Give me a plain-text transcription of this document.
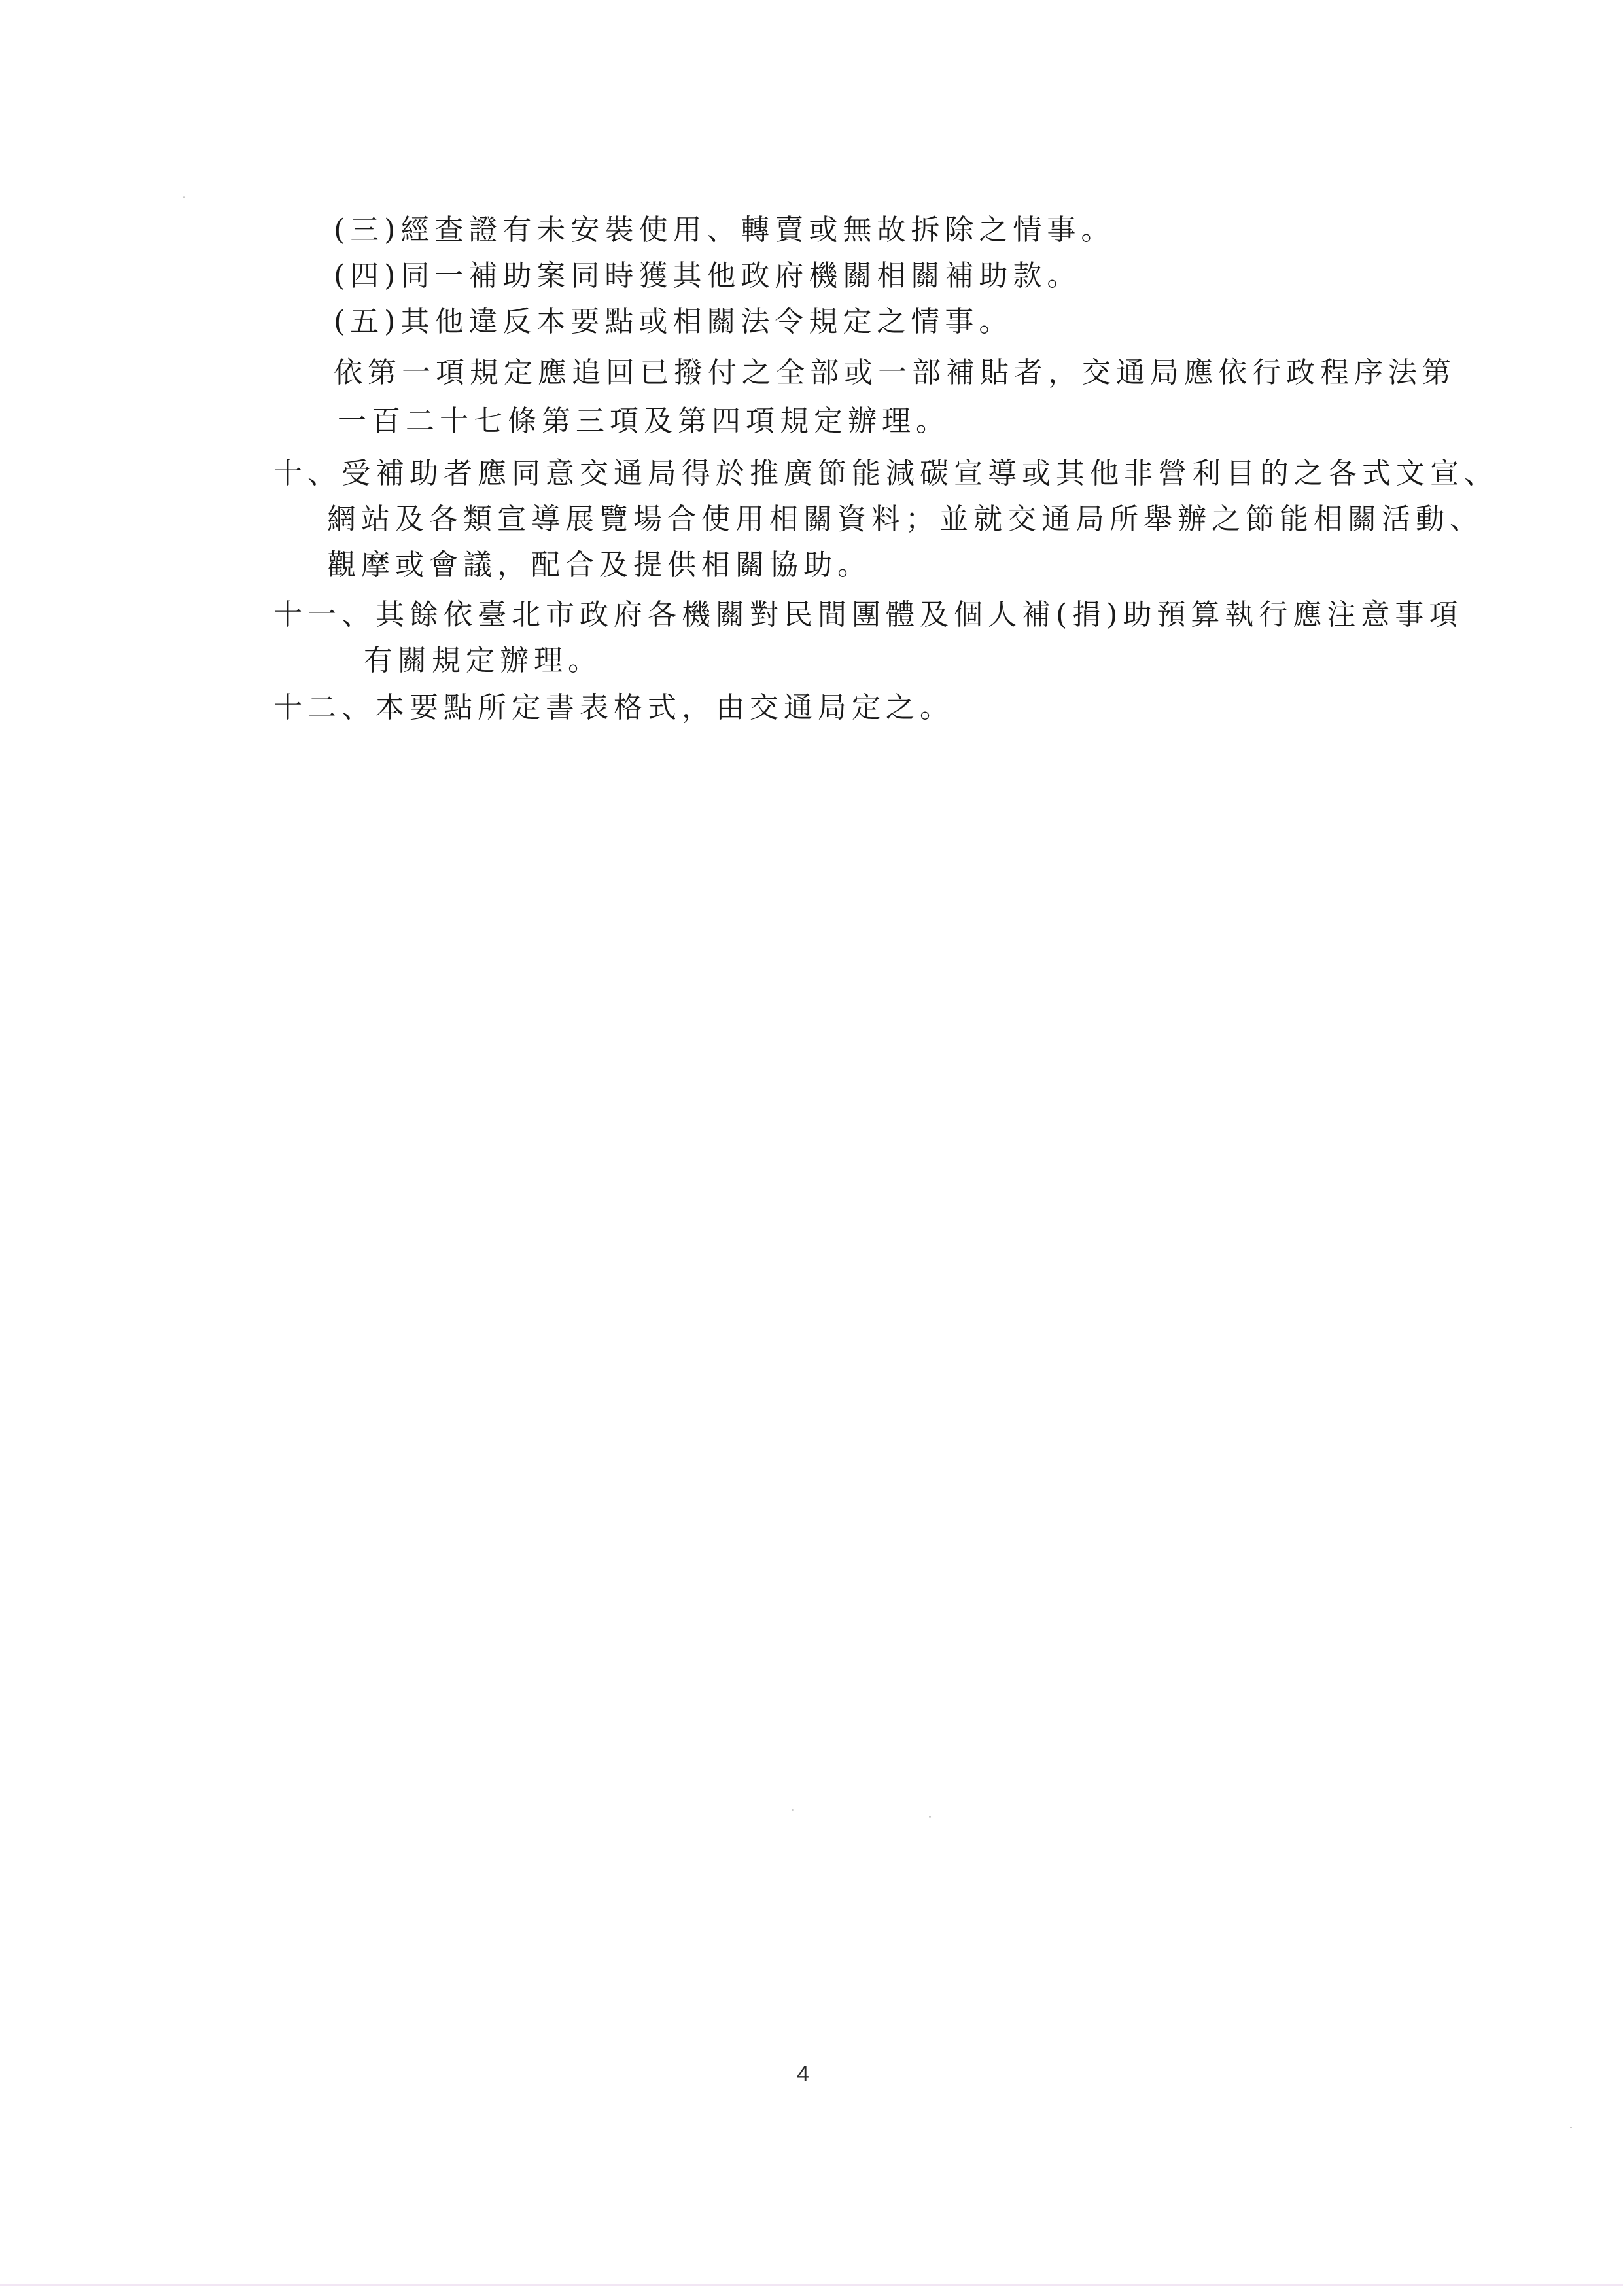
(三)經查證有未安裝使用、轉賣或無故拆除之情事。
(四)同一補助案同時獲其他政府機關相關補助款。
(五)其他違反本要點或相關法令規定之情事。
依第一項規定應追回已撥付之全部或一部補貼者，交通局應依行政程序法第
一百二十七條第三項及第四項規定辦理。
十、受補助者應同意交通局得於推廣節能減碳宣導或其他非營利目的之各式文宣、
網站及各類宣導展覽場合使用相關資料；並就交通局所舉辦之節能相關活動、
觀摩或會議，配合及提供相關協助。
十一、其餘依臺北市政府各機關對民間團體及個人補(捐)助預算執行應注意事項
有關規定辦理。
十二、本要點所定書表格式，由交通局定之。
4
